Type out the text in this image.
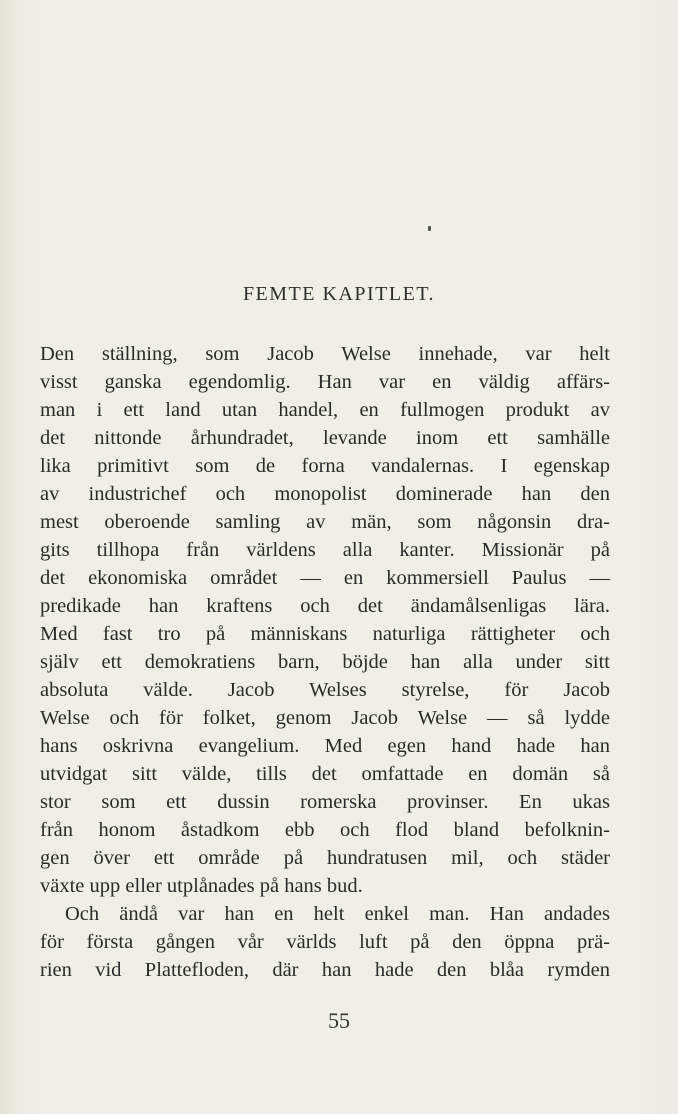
FEMTE KAPITLET.
Den ställning, som Jacob Welse innehade, var helt
visst ganska egendomlig. Han var en väldig affärs-
man i ett land utan handel, en fullmogen produkt av
det nittonde århundradet, levande inom ett samhälle
lika primitivt som de forna vandalernas. I egenskap
av industrichef och monopolist dominerade han den
mest oberoende samling av män, som någonsin dra-
gits tillhopa från världens alla kanter. Missionär på
det ekonomiska området — en kommersiell Paulus —
predikade han kraftens och det ändamålsenligas lära.
Med fast tro på människans naturliga rättigheter och
själv ett demokratiens barn, böjde han alla under sitt
absoluta välde. Jacob Welses styrelse, för Jacob
Welse och för folket, genom Jacob Welse — så lydde
hans oskrivna evangelium. Med egen hand hade han
utvidgat sitt välde, tills det omfattade en domän så
stor som ett dussin romerska provinser. En ukas
från honom åstadkom ebb och flod bland befolknin-
gen över ett område på hundratusen mil, och städer
växte upp eller utplånades på hans bud.
Och ändå var han en helt enkel man. Han andades
för första gången vår världs luft på den öppna prä-
rien vid Plattefloden, där han hade den blåa rymden
55
